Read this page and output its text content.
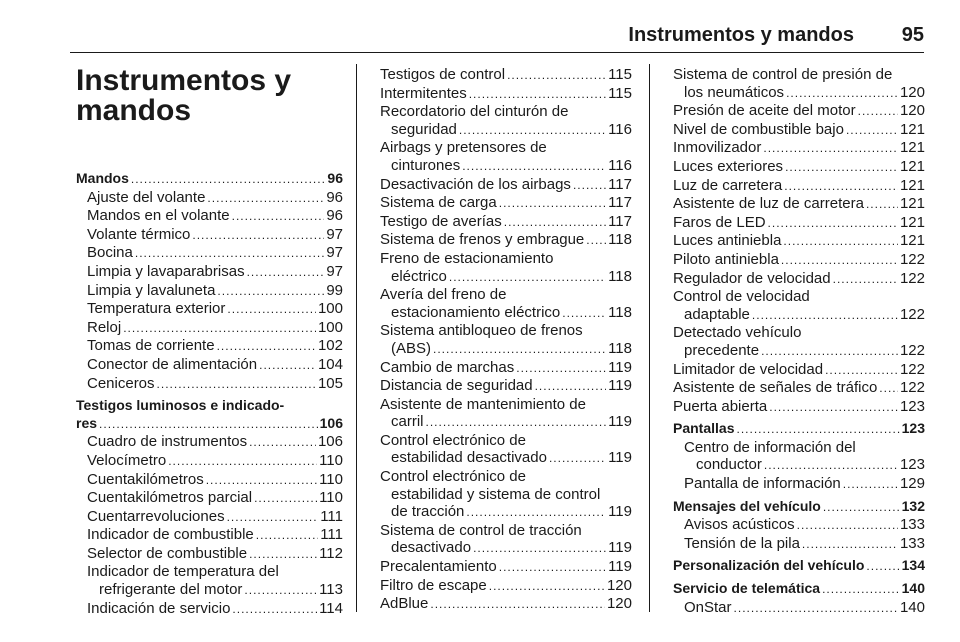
Instrumentos y mandos	95
Instrumentos y
mandos
Mandos .....	96
Ajuste del volante .....	96
Mandos en el volante .....	96
Volante térmico .....	97
Bocina .....	97
Limpia y lavaparabrisas .....	97
Limpia y lavaluneta .....	99
Temperatura exterior .....	100
Reloj .....	100
Tomas de corriente .....	102
Conector de alimentación .....	104
Ceniceros .....	105
Testigos luminosos e indicado-
res .....	106
Cuadro de instrumentos .....	106
Velocímetro .....	110
Cuentakilómetros .....	110
Cuentakilómetros parcial .....	110
Cuentarrevoluciones .....	111
Indicador de combustible .....	111
Selector de combustible .....	112
Indicador de temperatura del
refrigerante del motor .....	113
Indicación de servicio .....	114
Testigos de control .....	115
Intermitentes .....	115
Recordatorio del cinturón de
seguridad .....	116
Airbags y pretensores de
cinturones .....	116
Desactivación de los airbags ..... 117
Sistema de carga .....	117
Testigo de averías .....	117
Sistema de frenos y embrague ..... 118
Freno de estacionamiento
eléctrico .....	118
Avería del freno de
estacionamiento eléctrico .....	118
Sistema antibloqueo de frenos
(ABS) .....	118
Cambio de marchas .....	119
Distancia de seguridad .....	119
Asistente de mantenimiento de
carril .....	119
Control electrónico de
estabilidad desactivado .....	119
Control electrónico de
estabilidad y sistema de control
de tracción .....	119
Sistema de control de tracción
desactivado .....	119
Precalentamiento .....	119
Filtro de escape .....	120
AdBlue .....	120
Sistema de control de presión de
los neumáticos .....	120
Presión de aceite del motor .....	120
Nivel de combustible bajo .....	121
Inmovilizador .....	121
Luces exteriores .....	121
Luz de carretera .....	121
Asistente de luz de carretera ..... 121
Faros de LED .....	121
Luces antiniebla .....	121
Piloto antiniebla .....	122
Regulador de velocidad .....	122
Control de velocidad
adaptable .....	122
Detectado vehículo
precedente .....	122
Limitador de velocidad .....	122
Asistente de señales de tráfico ..... 122
Puerta abierta .....	123
Pantallas .....	123
Centro de información del
conductor .....	123
Pantalla de información .....	129
Mensajes del vehículo .....	132
Avisos acústicos .....	133
Tensión de la pila .....	133
Personalización del vehículo .....	134
Servicio de telemática .....	140
OnStar .....	140
